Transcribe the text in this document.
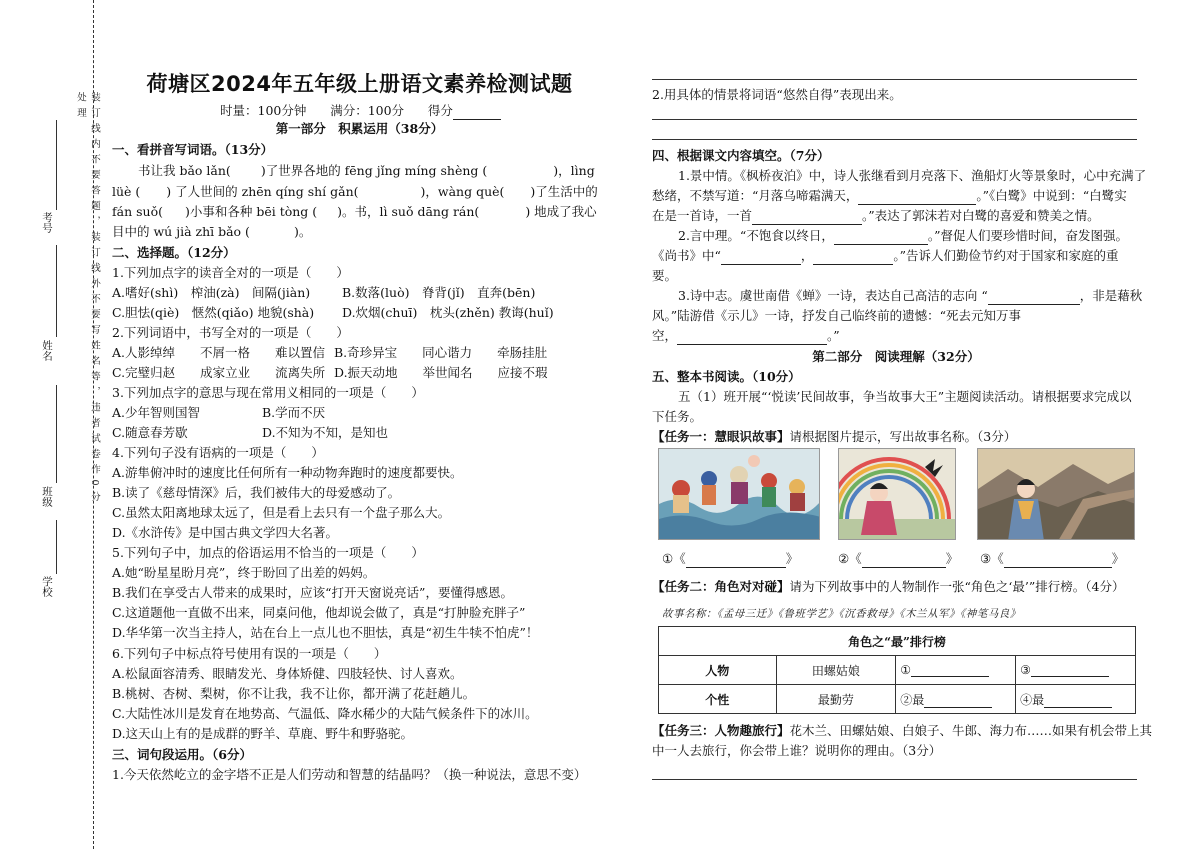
装订线内不要答题，装订线外不要写姓名等，违者试卷作0分处理
考号
姓名
班级
学校
荷塘区2024年五年级上册语文素养检测试题
时量：100分钟 满分：100分 得分
第一部分　积累运用（38分）
一、看拼音写词语。（13分）
书让我 bǎo lǎn( )了世界各地的 fēng jǐng míng shèng (	)，lìng
lüè ( ) 了人世间的 zhēn qíng shí gǎn(	)，wàng què( )了生活中的
fán suǒ( )小事和各种 bēi tòng ( )。书，lì suǒ dāng rán(	) 地成了我心
目中的 wú jià zhī bǎo (	)。
二、选择题。（12分）
1.下列加点字的读音全对的一项是（　　）
A.嗜好(shì)　榨油(zà)　间隔(jiàn)	B.数落(luò)　脊背(jǐ)　直奔(bēn)
C.胆怯(qiè)　惬然(qiǎo) 地貌(shà) D.炊烟(chuī)　枕头(zhěn) 教诲(huǐ)
2.下列词语中，书写全对的一项是（　　）
A.人影绰绰　　不屑一格　　难以置信 B.奇珍异宝　　同心谐力　　牵肠挂肚
C.完璧归赵　　成家立业　　流离失所 D.振天动地　　举世闻名　　应接不瑕
3.下列加点字的意思与现在常用义相同的一项是（　　）
A.少年智则国智	B.学而不厌
C.随意春芳歇	D.不知为不知，是知也
4.下列句子没有语病的一项是（　　）
A.游隼俯冲时的速度比任何所有一种动物奔跑时的速度都要快。
B.读了《慈母情深》后，我们被伟大的母爱感动了。
C.虽然太阳离地球太远了，但是看上去只有一个盘子那么大。
D.《水浒传》是中国古典文学四大名著。
5.下列句子中，加点的俗语运用不恰当的一项是（　　）
A.她“盼星星盼月亮”，终于盼回了出差的妈妈。
B.我们在享受古人带来的成果时，应该“打开天窗说亮话”，要懂得感恩。
C.这道题他一直做不出来，同桌问他，他却说会做了，真是“打肿脸充胖子”
D.华华第一次当主持人，站在台上一点儿也不胆怯，真是“初生牛犊不怕虎”！
6.下列句子中标点符号使用有误的一项是（　　）
A.松鼠面容清秀、眼睛发光、身体矫健、四肢轻快、讨人喜欢。
B.桃树、杏树、梨树，你不让我，我不让你，都开满了花赶趟儿。
C.大陆性冰川是发育在地势高、气温低、降水稀少的大陆气候条件下的冰川。
D.这天山上有的是成群的野羊、草鹿、野牛和野骆驼。
三、词句段运用。（6分）
1.今天依然屹立的金字塔不正是人们劳动和智慧的结晶吗？（换一种说法，意思不变）
2.用具体的情景将词语“悠然自得”表现出来。
四、根据课文内容填空。（7分）
1.景中情。《枫桥夜泊》中，诗人张继看到月亮落下、渔船灯火等景象时，心中充满了
愁绪，不禁写道：“月落乌啼霜满天，	。”《白鹭》中说到：“白鹭实
在是一首诗，一首	。”表达了郭沫若对白鹭的喜爱和赞美之情。
2.言中理。“不饱食以终日，	。”督促人们要珍惜时间，奋发图强。
《尚书》中“	，	。”告诉人们勤俭节约对于国家和家庭的重
要。
3.诗中志。虞世南借《蝉》一诗，表达自己高洁的志向 “	，非是藉秋
风。”陆游借《示儿》一诗，抒发自己临终前的遗憾：“死去元知万事
空，	。”
第二部分　阅读理解（32分）
五、整本书阅读。（10分）
五（1）班开展“‘悦读’民间故事，争当故事大王”主题阅读活动。请根据要求完成以
下任务。
【任务一：慧眼识故事】请根据图片提示，写出故事名称。（3分）
①《	》	②《	》 ③《	》
【任务二：角色对对碰】请为下列故事中的人物制作一张“角色之‘最’”排行榜。（4分）
故事名称：《孟母三迁》《鲁班学艺》《沉香救母》《木兰从军》《神笔马良》
角色之“最”排行榜			
人物	田螺姑娘	①	③
个性	最勤劳	②最	④最
【任务三：人物趣旅行】花木兰、田螺姑娘、白娘子、牛郎、海力布……如果有机会带上其
中一人去旅行，你会带上谁？说明你的理由。（3分）
